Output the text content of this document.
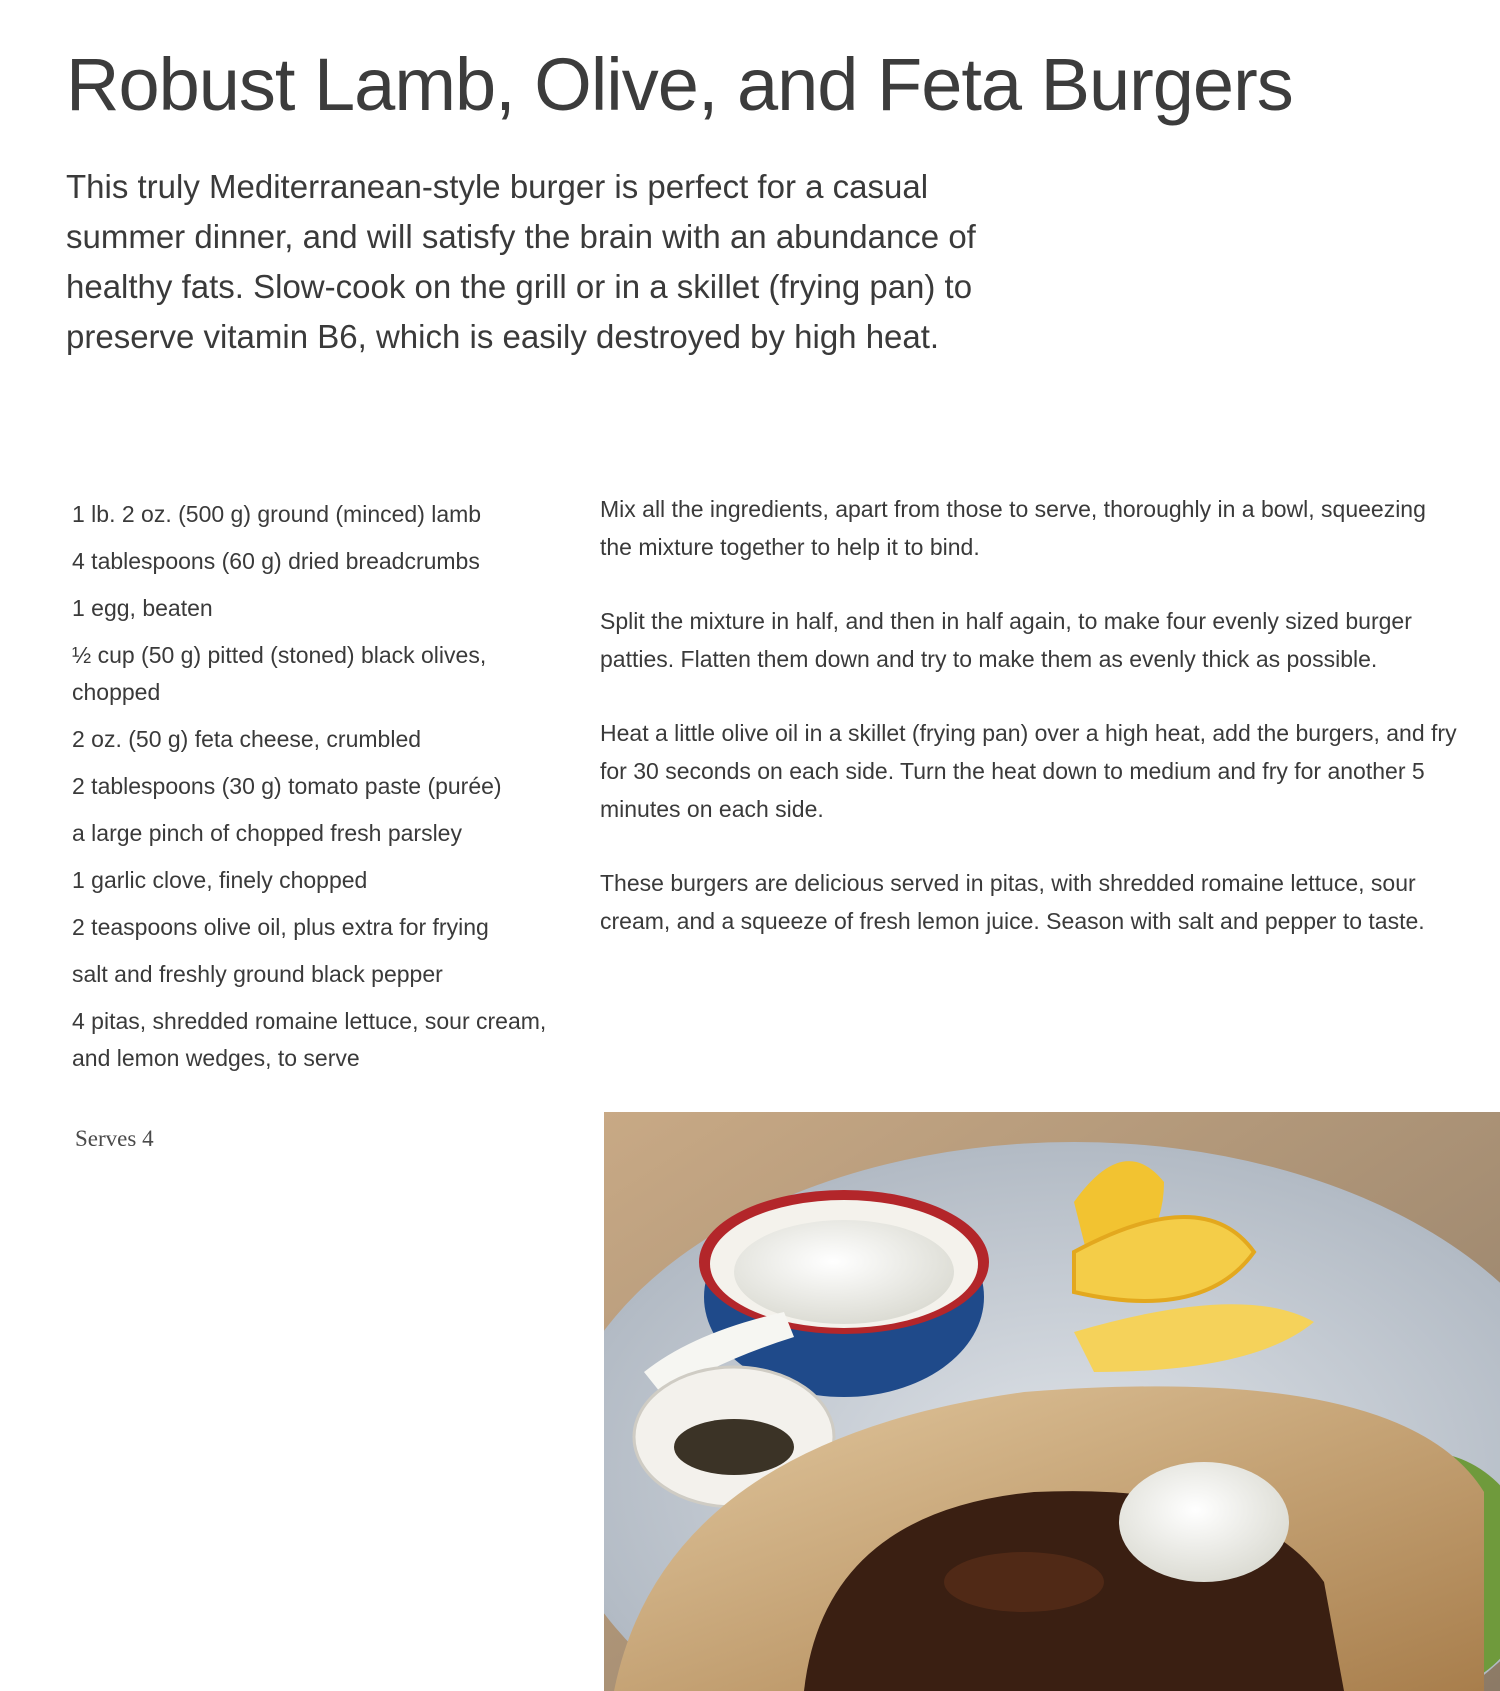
Robust Lamb, Olive, and Feta Burgers

This truly Mediterranean-style burger is perfect for a casual summer dinner, and will satisfy the brain with an abundance of healthy fats. Slow-cook on the grill or in a skillet (frying pan) to preserve vitamin B6, which is easily destroyed by high heat.

1 lb. 2 oz. (500 g) ground (minced) lamb
4 tablespoons (60 g) dried breadcrumbs
1 egg, beaten
½ cup (50 g) pitted (stoned) black olives, chopped
2 oz. (50 g) feta cheese, crumbled
2 tablespoons (30 g) tomato paste (purée)
a large pinch of chopped fresh parsley
1 garlic clove, finely chopped
2 teaspoons olive oil, plus extra for frying
salt and freshly ground black pepper
4 pitas, shredded romaine lettuce, sour cream, and lemon wedges, to serve
Serves 4

Mix all the ingredients, apart from those to serve, thoroughly in a bowl, squeezing the mixture together to help it to bind.

Split the mixture in half, and then in half again, to make four evenly sized burger patties. Flatten them down and try to make them as evenly thick as possible.

Heat a little olive oil in a skillet (frying pan) over a high heat, add the burgers, and fry for 30 seconds on each side. Turn the heat down to medium and fry for another 5 minutes on each side.

These burgers are delicious served in pitas, with shredded romaine lettuce, sour cream, and a squeeze of fresh lemon juice. Season with salt and pepper to taste.
